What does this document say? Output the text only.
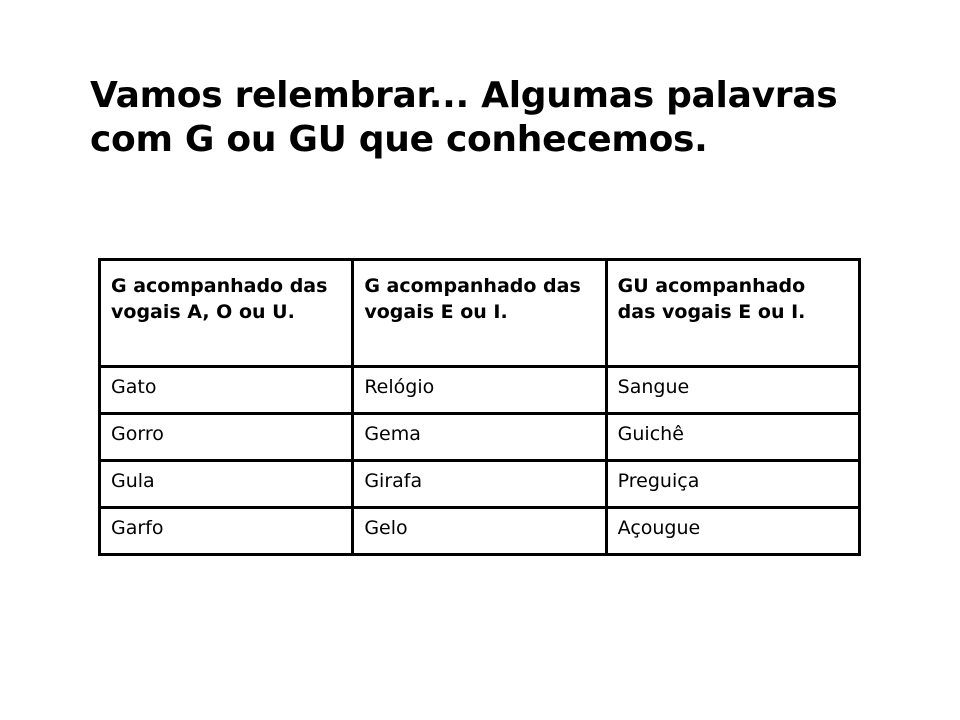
Vamos relembrar... Algumas palavras com G ou GU que conhecemos.
G acompanhado das vogais A, O ou U.	G acompanhado das vogais E ou I.	GU acompanhado das vogais E ou I.
Gato	Relógio	Sangue
Gorro	Gema	Guichê
Gula	Girafa	Preguiça
Garfo	Gelo	Açougue
